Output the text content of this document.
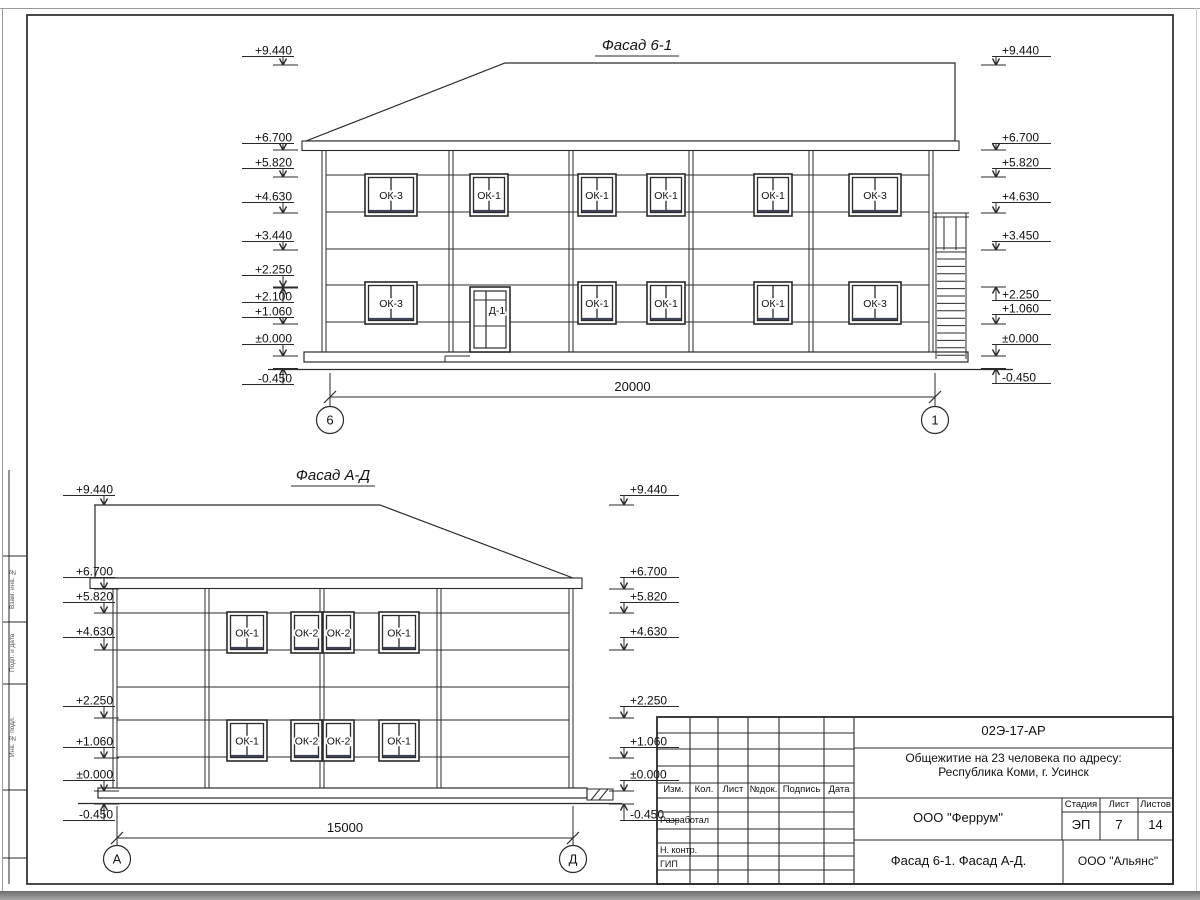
Фасад 6-1
ОК-3	ОК-1	ОК-1	ОК-1	ОК-1	ОК-3
ОК-3	ОК-1	ОК-1	ОК-1	ОК-3
Д-1
+9.440
+6.700
+5.820
+4.630
+3.440
+2.250
+2.100
+1.060
±0.000
-0.450
+9.440
+6.700
+5.820
+4.630
+3.450
+2.250
+1.060
±0.000
-0.450
20000
6	1
Фасад А-Д
ОК-1	ОК-2 ОК-2	ОК-1
ОК-1	ОК-2 ОК-2	ОК-1
+9.440
+6.700
+5.820
+4.630
+2.250
+1.060
±0.000
-0.450
+9.440
+6.700
+5.820
+4.630
+2.250
+1.060
±0.000
-0.450
15000
А	Д
02Э-17-АР
Общежитие на 23 человека по адресу:
Республика Коми, г. Усинск
ООО "Феррум"
Стадия	Лист	Листов
ЭП	7	14
Фасад 6-1. Фасад А-Д.	ООО "Альянс"
Изм.	Кол. Лист №док. Подпись Дата
Разработал
Н. контр.
ГИП
Взам. инв. №
Подп. и дата
Инв. № подл.
